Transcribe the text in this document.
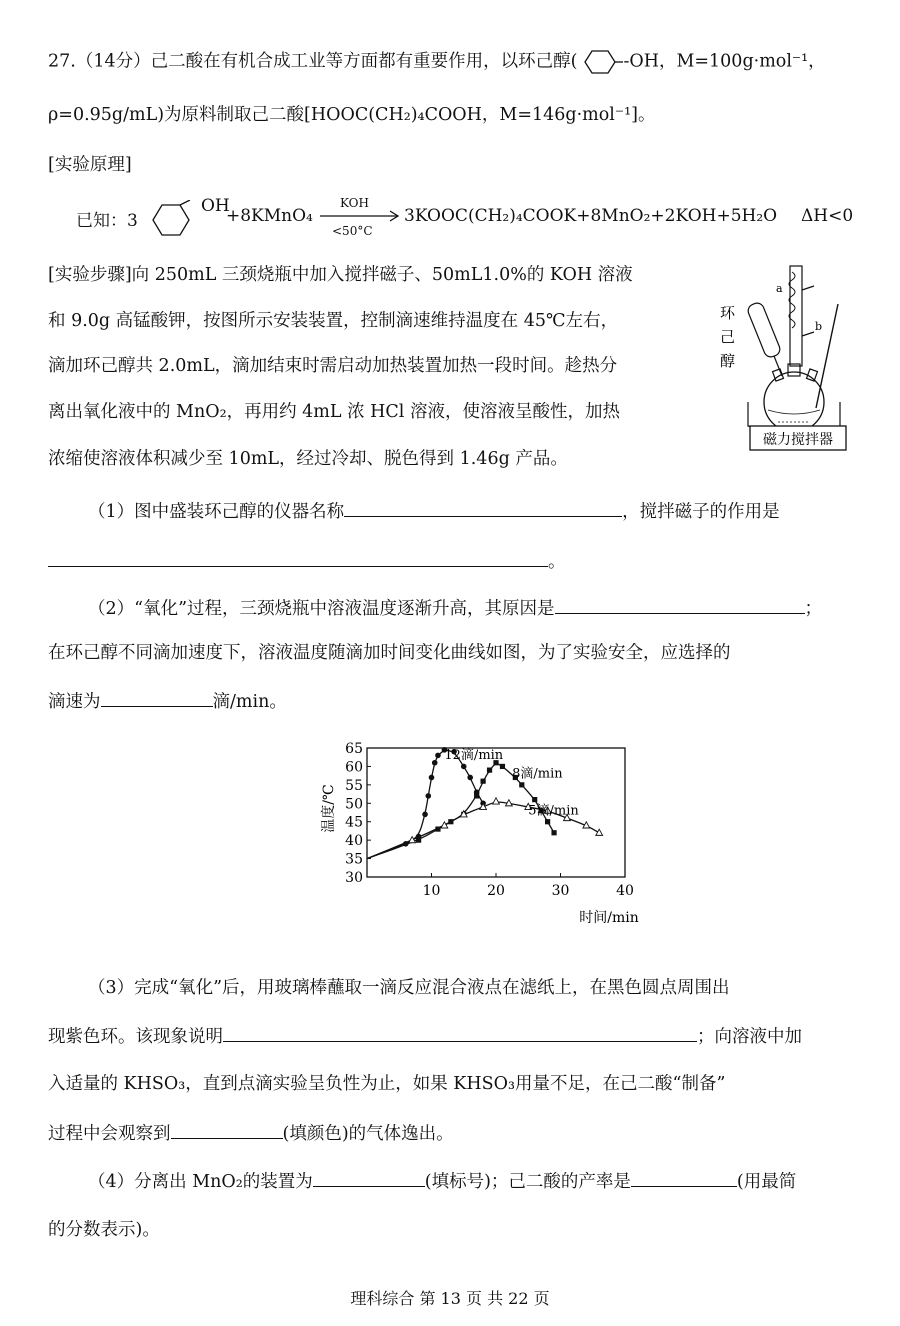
27.（14分）己二酸在有机合成工业等方面都有重要作用，以环己醇(	-OH，M=100g·mol⁻¹，
ρ=0.95g/mL)为原料制取己二酸[HOOC(CH₂)₄COOH，M=146g·mol⁻¹]。
[实验原理]
已知：3
OH
+8KMnO₄
KOH
<50°C
3KOOC(CH₂)₄COOK+8MnO₂+2KOH+5H₂O ΔH<0
[实验步骤]向 250mL 三颈烧瓶中加入搅拌磁子、50mL1.0%的 KOH 溶液
和 9.0g 高锰酸钾，按图所示安装装置，控制滴速维持温度在 45℃左右，
滴加环己醇共 2.0mL，滴加结束时需启动加热装置加热一段时间。趁热分
离出氧化液中的 MnO₂，再用约 4mL 浓 HCl 溶液，使溶液呈酸性，加热
浓缩使溶液体积减少至 10mL，经过冷却、脱色得到 1.46g 产品。
a
b
环
己
醇
磁力搅拌器
（1）图中盛装环己醇的仪器名称	，搅拌磁子的作用是
。
（2）“氧化”过程，三颈烧瓶中溶液温度逐渐升高，其原因是	；
在环己醇不同滴加速度下，溶液温度随滴加时间变化曲线如图，为了实验安全，应选择的
滴速为	滴/min。
30
35
40
45
50
55
60
65
10	20	30	40
温度/℃
时间/min
12滴/min
8滴/min
5滴/min
（3）完成“氧化”后，用玻璃棒蘸取一滴反应混合液点在滤纸上，在黑色圆点周围出
现紫色环。该现象说明	；向溶液中加
入适量的 KHSO₃，直到点滴实验呈负性为止，如果 KHSO₃用量不足，在己二酸“制备”
过程中会观察到	(填颜色)的气体逸出。
（4）分离出 MnO₂的装置为	(填标号)；己二酸的产率是	(用最简
的分数表示)。
理科综合 第 13 页 共 22 页
